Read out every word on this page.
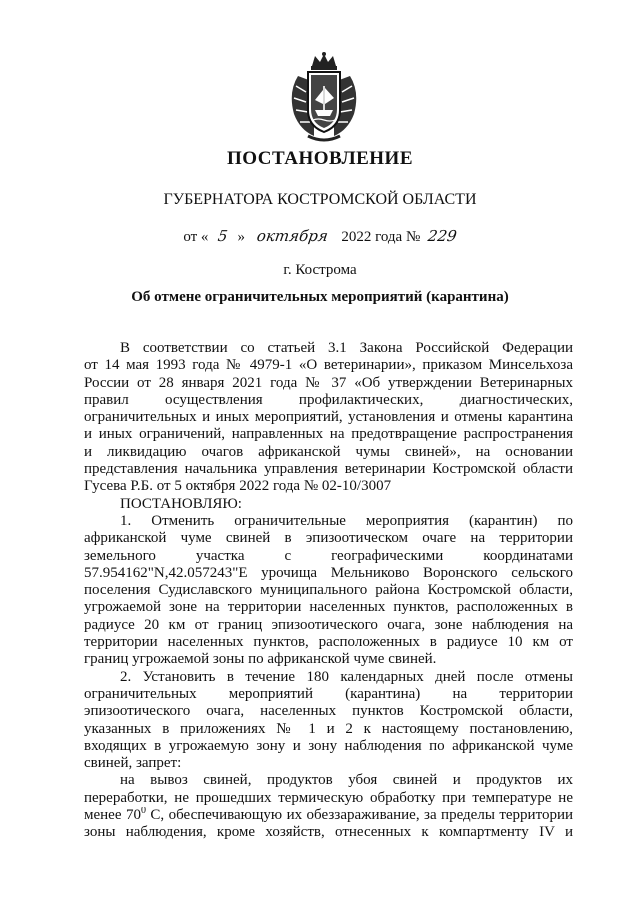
ПОСТАНОВЛЕНИЕ
ГУБЕРНАТОРА КОСТРОМСКОЙ ОБЛАСТИ
от « 5 » октября 2022 года № 229
г. Кострома
Об отмене ограничительных мероприятий (карантина)
В соответствии со статьей 3.1 Закона Российской Федерации
от 14 мая 1993 года № 4979-1 «О ветеринарии», приказом Минсельхоза
России от 28 января 2021 года № 37 «Об утверждении Ветеринарных
правил осуществления профилактических, диагностических,
ограничительных и иных мероприятий, установления и отмены карантина
и иных ограничений, направленных на предотвращение распространения
и ликвидацию очагов африканской чумы свиней», на основании
представления начальника управления ветеринарии Костромской области
Гусева Р.Б. от 5 октября 2022 года № 02-10/3007
ПОСТАНОВЛЯЮ:
1. Отменить ограничительные мероприятия (карантин) по
африканской чуме свиней в эпизоотическом очаге на территории
земельного участка с географическими координатами
57.954162"N,42.057243"E урочища Мельниково Воронского сельского
поселения Судиславского муниципального района Костромской области,
угрожаемой зоне на территории населенных пунктов, расположенных в
радиусе 20 км от границ эпизоотического очага, зоне наблюдения на
территории населенных пунктов, расположенных в радиусе 10 км от
границ угрожаемой зоны по африканской чуме свиней.
2. Установить в течение 180 календарных дней после отмены
ограничительных мероприятий (карантина) на территории
эпизоотического очага, населенных пунктов Костромской области,
указанных в приложениях № 1 и 2 к настоящему постановлению,
входящих в угрожаемую зону и зону наблюдения по африканской чуме
свиней, запрет:
на вывоз свиней, продуктов убоя свиней и продуктов их
переработки, не прошедших термическую обработку при температуре не
менее $70^0$ С, обеспечивающую их обеззараживание, за пределы территории
зоны наблюдения, кроме хозяйств, отнесенных к компартменту IV и
